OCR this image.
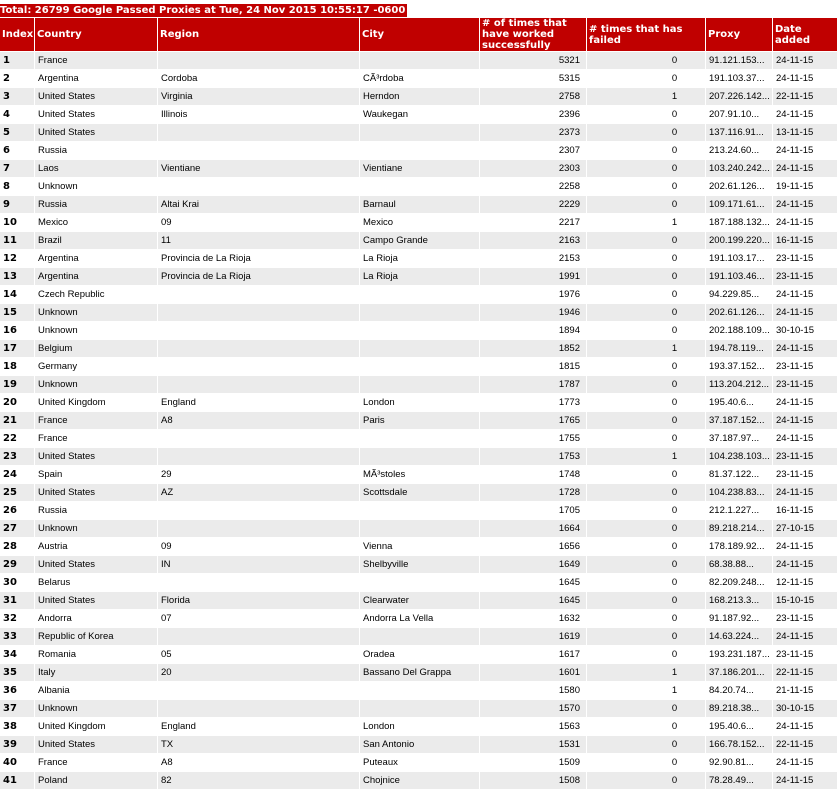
Total: 26799 Google Passed Proxies at Tue, 24 Nov 2015 10:55:17 -0600
Index	Country	Region	City	# of times that have worked successfully	# times that has failed	Proxy	Date added
1	France			5321	0	91.121.153...	24-11-15
2	Argentina	Cordoba	CÃ³rdoba	5315	0	191.103.37...	24-11-15
3	United States	Virginia	Herndon	2758	1	207.226.142...	22-11-15
4	United States	Illinois	Waukegan	2396	0	207.91.10...	24-11-15
5	United States			2373	0	137.116.91...	13-11-15
6	Russia			2307	0	213.24.60...	24-11-15
7	Laos	Vientiane	Vientiane	2303	0	103.240.242...	24-11-15
8	Unknown			2258	0	202.61.126...	19-11-15
9	Russia	Altai Krai	Barnaul	2229	0	109.171.61...	24-11-15
10	Mexico	09	Mexico	2217	1	187.188.132...	24-11-15
11	Brazil	11	Campo Grande	2163	0	200.199.220...	16-11-15
12	Argentina	Provincia de La Rioja	La Rioja	2153	0	191.103.17...	23-11-15
13	Argentina	Provincia de La Rioja	La Rioja	1991	0	191.103.46...	23-11-15
14	Czech Republic			1976	0	94.229.85...	24-11-15
15	Unknown			1946	0	202.61.126...	24-11-15
16	Unknown			1894	0	202.188.109...	30-10-15
17	Belgium			1852	1	194.78.119...	24-11-15
18	Germany			1815	0	193.37.152...	23-11-15
19	Unknown			1787	0	113.204.212...	23-11-15
20	United Kingdom	England	London	1773	0	195.40.6...	24-11-15
21	France	A8	Paris	1765	0	37.187.152...	24-11-15
22	France			1755	0	37.187.97...	24-11-15
23	United States			1753	1	104.238.103...	23-11-15
24	Spain	29	MÃ³stoles	1748	0	81.37.122...	23-11-15
25	United States	AZ	Scottsdale	1728	0	104.238.83...	24-11-15
26	Russia			1705	0	212.1.227...	16-11-15
27	Unknown			1664	0	89.218.214...	27-10-15
28	Austria	09	Vienna	1656	0	178.189.92...	24-11-15
29	United States	IN	Shelbyville	1649	0	68.38.88...	24-11-15
30	Belarus			1645	0	82.209.248...	12-11-15
31	United States	Florida	Clearwater	1645	0	168.213.3...	15-10-15
32	Andorra	07	Andorra La Vella	1632	0	91.187.92...	23-11-15
33	Republic of Korea			1619	0	14.63.224...	24-11-15
34	Romania	05	Oradea	1617	0	193.231.187...	23-11-15
35	Italy	20	Bassano Del Grappa	1601	1	37.186.201...	22-11-15
36	Albania			1580	1	84.20.74...	21-11-15
37	Unknown			1570	0	89.218.38...	30-10-15
38	United Kingdom	England	London	1563	0	195.40.6...	24-11-15
39	United States	TX	San Antonio	1531	0	166.78.152...	22-11-15
40	France	A8	Puteaux	1509	0	92.90.81...	24-11-15
41	Poland	82	Chojnice	1508	0	78.28.49...	24-11-15
